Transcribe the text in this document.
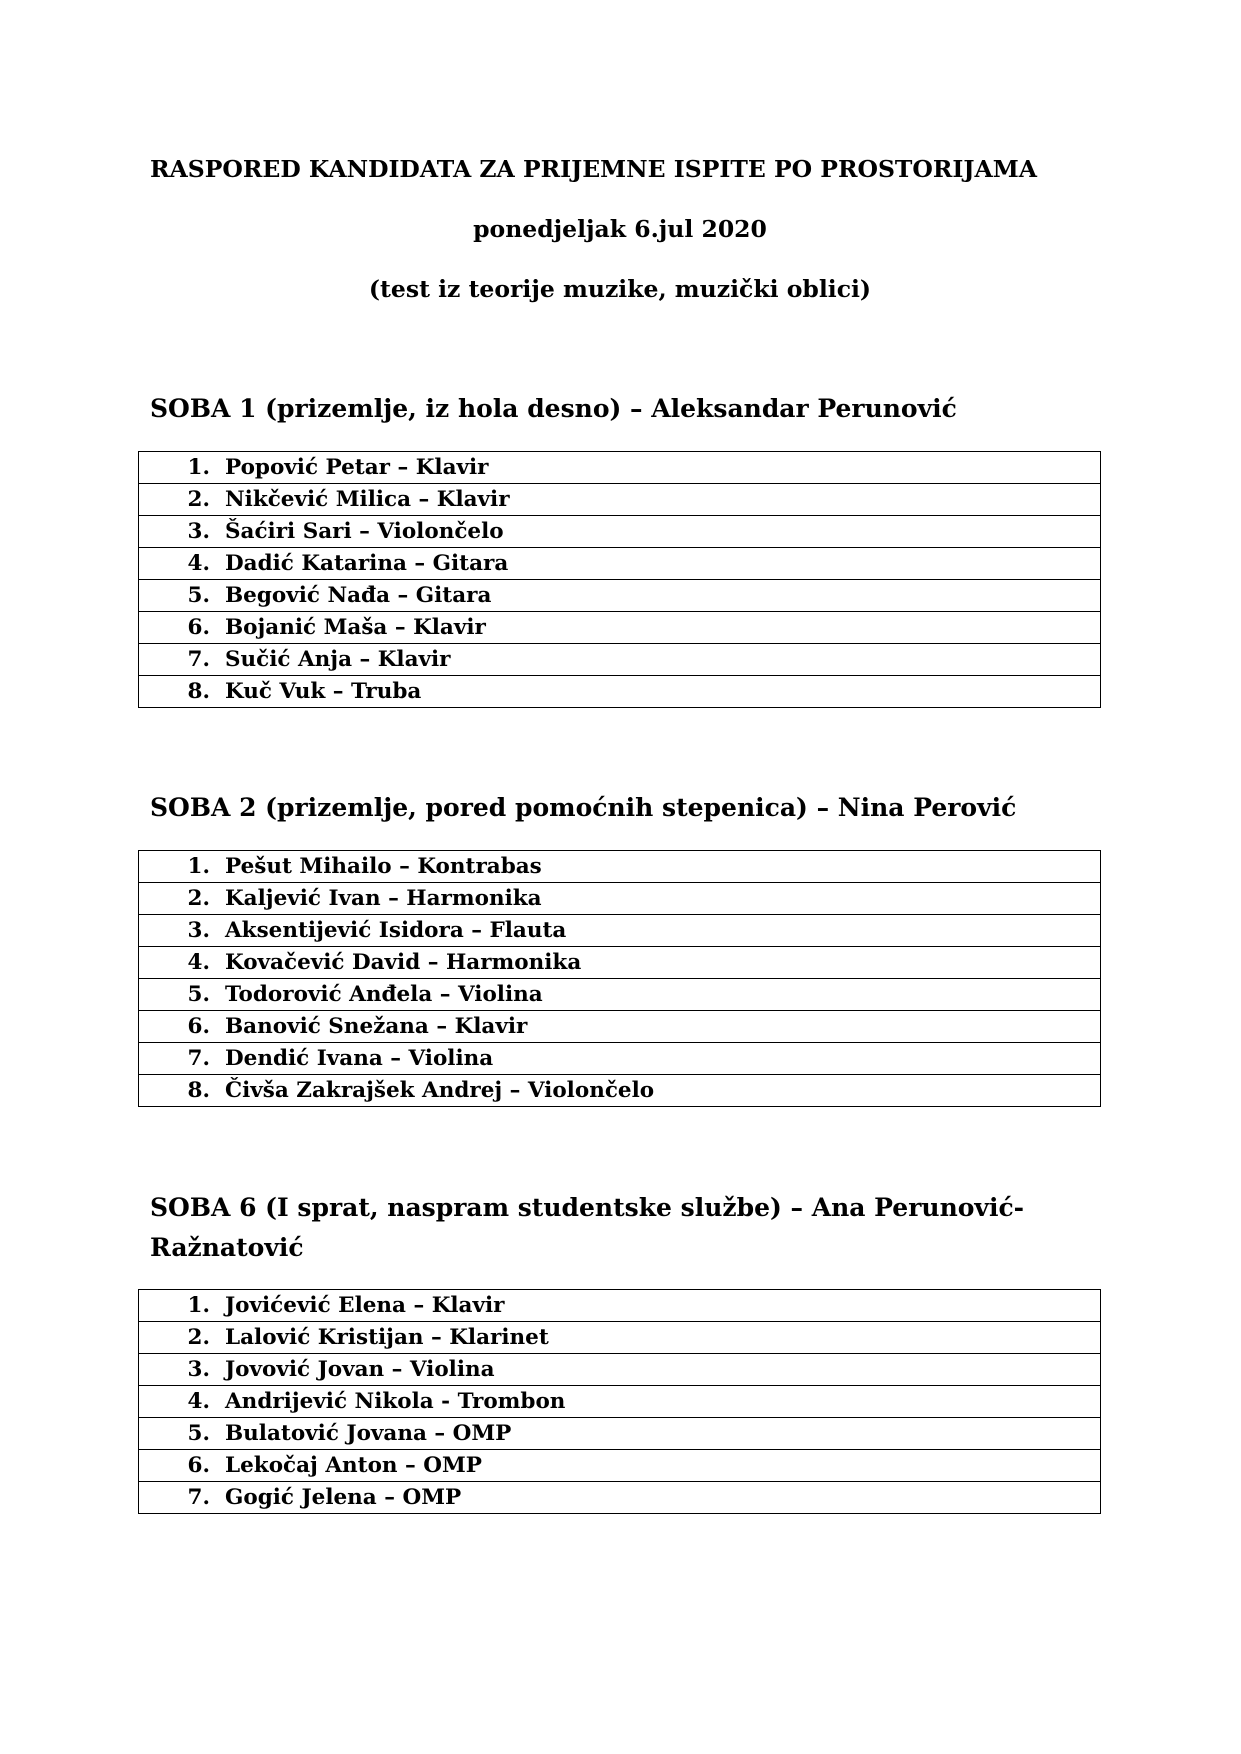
RASPORED KANDIDATA ZA PRIJEMNE ISPITE PO PROSTORIJAMA
ponedjeljak 6.jul 2020
(test iz teorije muzike, muzički oblici)
SOBA 1 (prizemlje, iz hola desno) – Aleksandar Perunović
1. Popović Petar – Klavir
2. Nikčević Milica – Klavir
3. Šaćiri Sari – Violončelo
4. Dadić Katarina – Gitara
5. Begović Nađa – Gitara
6. Bojanić Maša – Klavir
7. Sučić Anja – Klavir
8. Kuč Vuk – Truba
SOBA 2 (prizemlje, pored pomoćnih stepenica) – Nina Perović
1. Pešut Mihailo – Kontrabas
2. Kaljević Ivan – Harmonika
3. Aksentijević Isidora – Flauta
4. Kovačević David – Harmonika
5. Todorović Anđela – Violina
6. Banović Snežana – Klavir
7. Dendić Ivana – Violina
8. Čivša Zakrajšek Andrej – Violončelo
SOBA 6 (I sprat, naspram studentske službe) – Ana Perunović-
Ražnatović
1. Jovićević Elena – Klavir
2. Lalović Kristijan – Klarinet
3. Jovović Jovan – Violina
4. Andrijević Nikola - Trombon
5. Bulatović Jovana – OMP
6. Lekočaj Anton – OMP
7. Gogić Jelena – OMP
